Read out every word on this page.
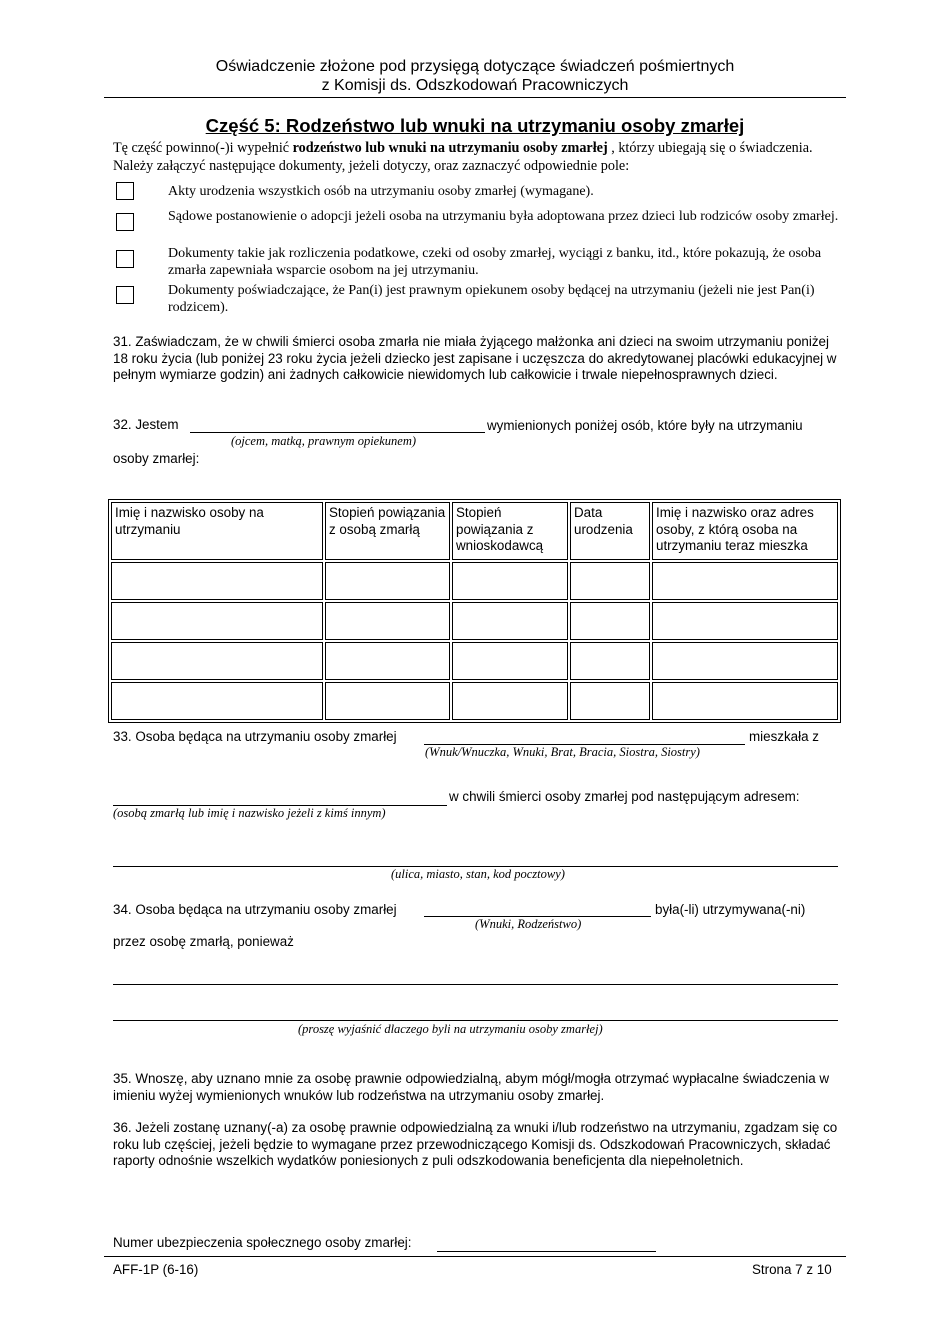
Oświadczenie złożone pod przysięgą dotyczące świadczeń pośmiertnych
z Komisji ds. Odszkodowań Pracowniczych
Część 5: Rodzeństwo lub wnuki na utrzymaniu osoby zmarłej
Tę część powinno(-)i wypełnić rodzeństwo lub wnuki na utrzymaniu osoby zmarłej , którzy ubiegają się o świadczenia. Należy załączyć następujące dokumenty, jeżeli dotyczy, oraz zaznaczyć odpowiednie pole:
Akty urodzenia wszystkich osób na utrzymaniu osoby zmarłej (wymagane).
Sądowe postanowienie o adopcji jeżeli osoba na utrzymaniu była adoptowana przez dzieci lub rodziców osoby zmarłej.
Dokumenty takie jak rozliczenia podatkowe, czeki od osoby zmarłej, wyciągi z banku, itd., które pokazują, że osoba zmarła zapewniała wsparcie osobom na jej utrzymaniu.
Dokumenty poświadczające, że Pan(i) jest prawnym opiekunem osoby będącej na utrzymaniu (jeżeli nie jest Pan(i) rodzicem).
31. Zaświadczam, że w chwili śmierci osoba zmarła nie miała żyjącego małżonka ani dzieci na swoim utrzymaniu poniżej 18 roku życia (lub poniżej 23 roku życia jeżeli dziecko jest zapisane i uczęszcza do akredytowanej placówki edukacyjnej w pełnym wymiarze godzin) ani żadnych całkowicie niewidomych lub całkowicie i trwale niepełnosprawnych dzieci.
32. Jestem	wymienionych poniżej osób, które były na utrzymaniu
(ojcem, matką, prawnym opiekunem)
osoby zmarłej:
Imię i nazwisko osoby na utrzymaniu	Stopień powiązania z osobą zmarłą	Stopień powiązania z wnioskodawcą	Data urodzenia	Imię i nazwisko oraz adres osoby, z którą osoba na utrzymaniu teraz mieszka

33. Osoba będąca na utrzymaniu osoby zmarłej	mieszkała z
(Wnuk/Wnuczka, Wnuki, Brat, Bracia, Siostra, Siostry)
w chwili śmierci osoby zmarłej pod następującym adresem:
(osobą zmarłą lub imię i nazwisko jeżeli z kimś innym)
(ulica, miasto, stan, kod pocztowy)
34. Osoba będąca na utrzymaniu osoby zmarłej	była(-li) utrzymywana(-ni)
(Wnuki, Rodzeństwo)
przez osobę zmarłą, ponieważ
(proszę wyjaśnić dlaczego byli na utrzymaniu osoby zmarłej)
35. Wnoszę, aby uznano mnie za osobę prawnie odpowiedzialną, abym mógł/mogła otrzymać wypłacalne świadczenia w imieniu wyżej wymienionych wnuków lub rodzeństwa na utrzymaniu osoby zmarłej.
36. Jeżeli zostanę uznany(-a) za osobę prawnie odpowiedzialną za wnuki i/lub rodzeństwo na utrzymaniu, zgadzam się co roku lub częściej, jeżeli będzie to wymagane przez przewodniczącego Komisji ds. Odszkodowań Pracowniczych, składać raporty odnośnie wszelkich wydatków poniesionych z puli odszkodowania beneficjenta dla niepełnoletnich.
Numer ubezpieczenia społecznego osoby zmarłej:
AFF-1P (6-16)	Strona 7 z 10
